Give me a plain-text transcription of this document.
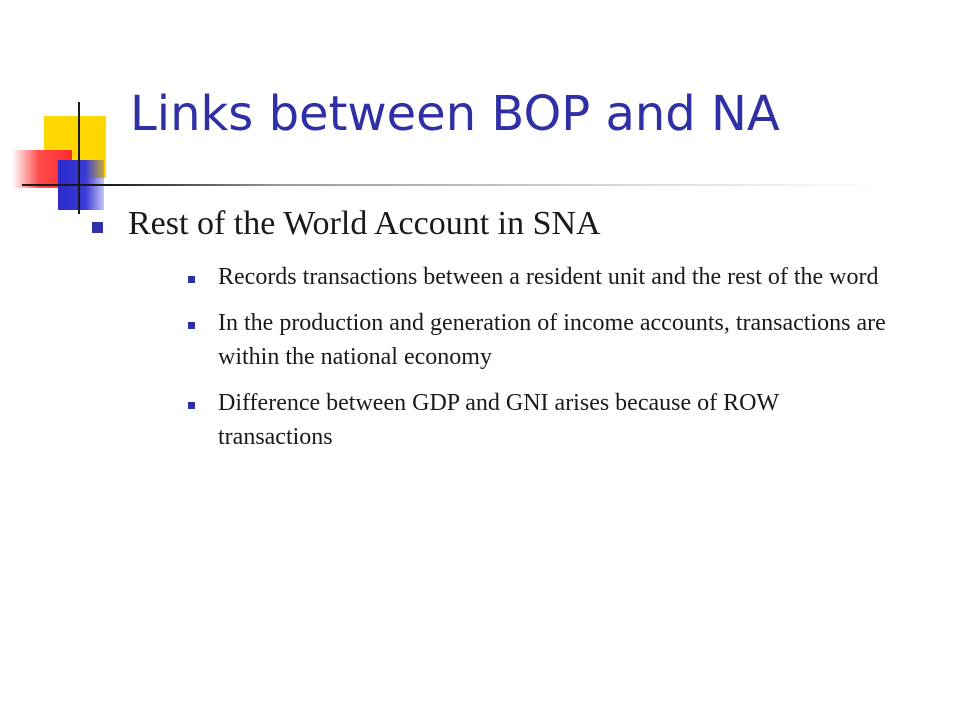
Links between BOP and NA
Rest of the World Account in SNA
Records transactions between a resident unit and the rest of the word
In the production and generation of income accounts, transactions are within the national economy
Difference between GDP and GNI arises because of ROW transactions
